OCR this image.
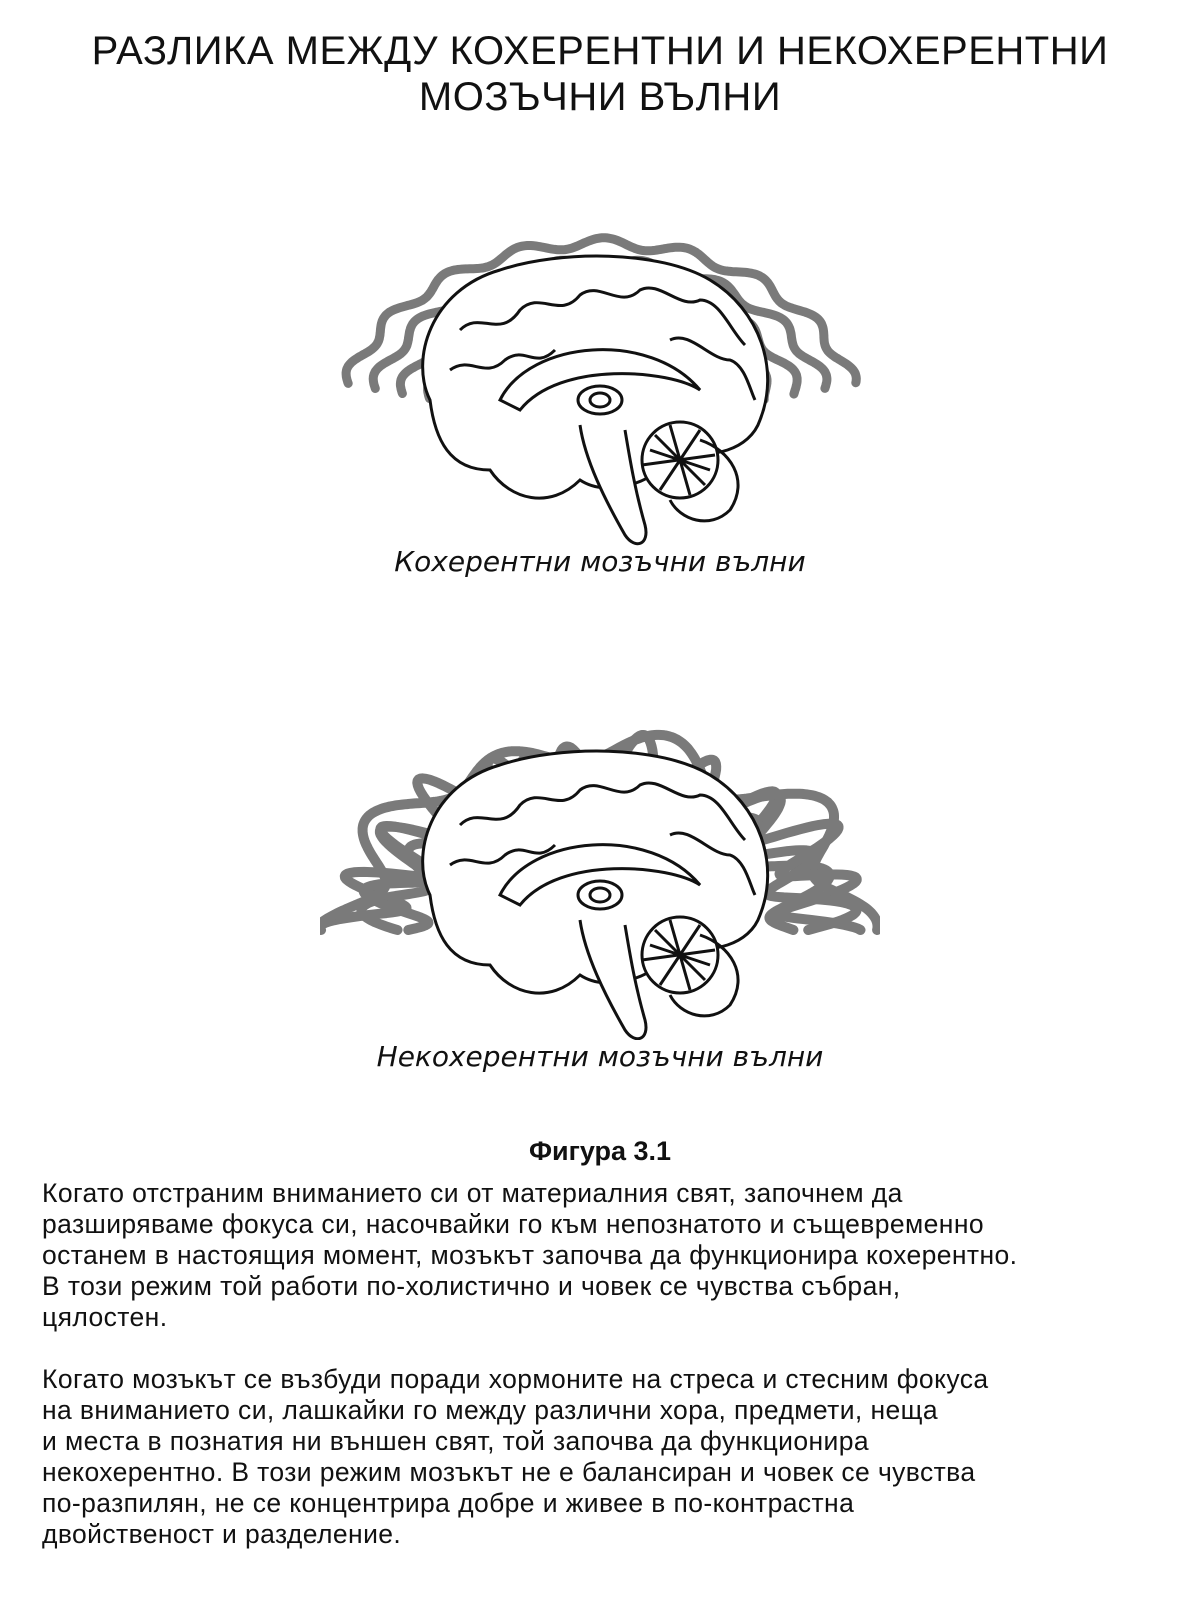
РАЗЛИКА МЕЖДУ КОХЕРЕНТНИ И НЕКОХЕРЕНТНИ
МОЗЪЧНИ ВЪЛНИ
Кохерентни мозъчни вълни
Некохерентни мозъчни вълни
Фигура 3.1
Когато отстраним вниманието си от материалния свят, започнем да
разширяваме фокуса си, насочвайки го към непознатото и същевременно
останем в настоящия момент, мозъкът започва да функционира кохерентно.
В този режим той работи по-холистично и човек се чувства събран,
цялостен.
Когато мозъкът се възбуди поради хормоните на стреса и стесним фокуса
на вниманието си, лашкайки го между различни хора, предмети, неща
и места в познатия ни външен свят, той започва да функционира
некохерентно. В този режим мозъкът не е балансиран и човек се чувства
по-разпилян, не се концентрира добре и живее в по-контрастна
двойственост и разделение.
